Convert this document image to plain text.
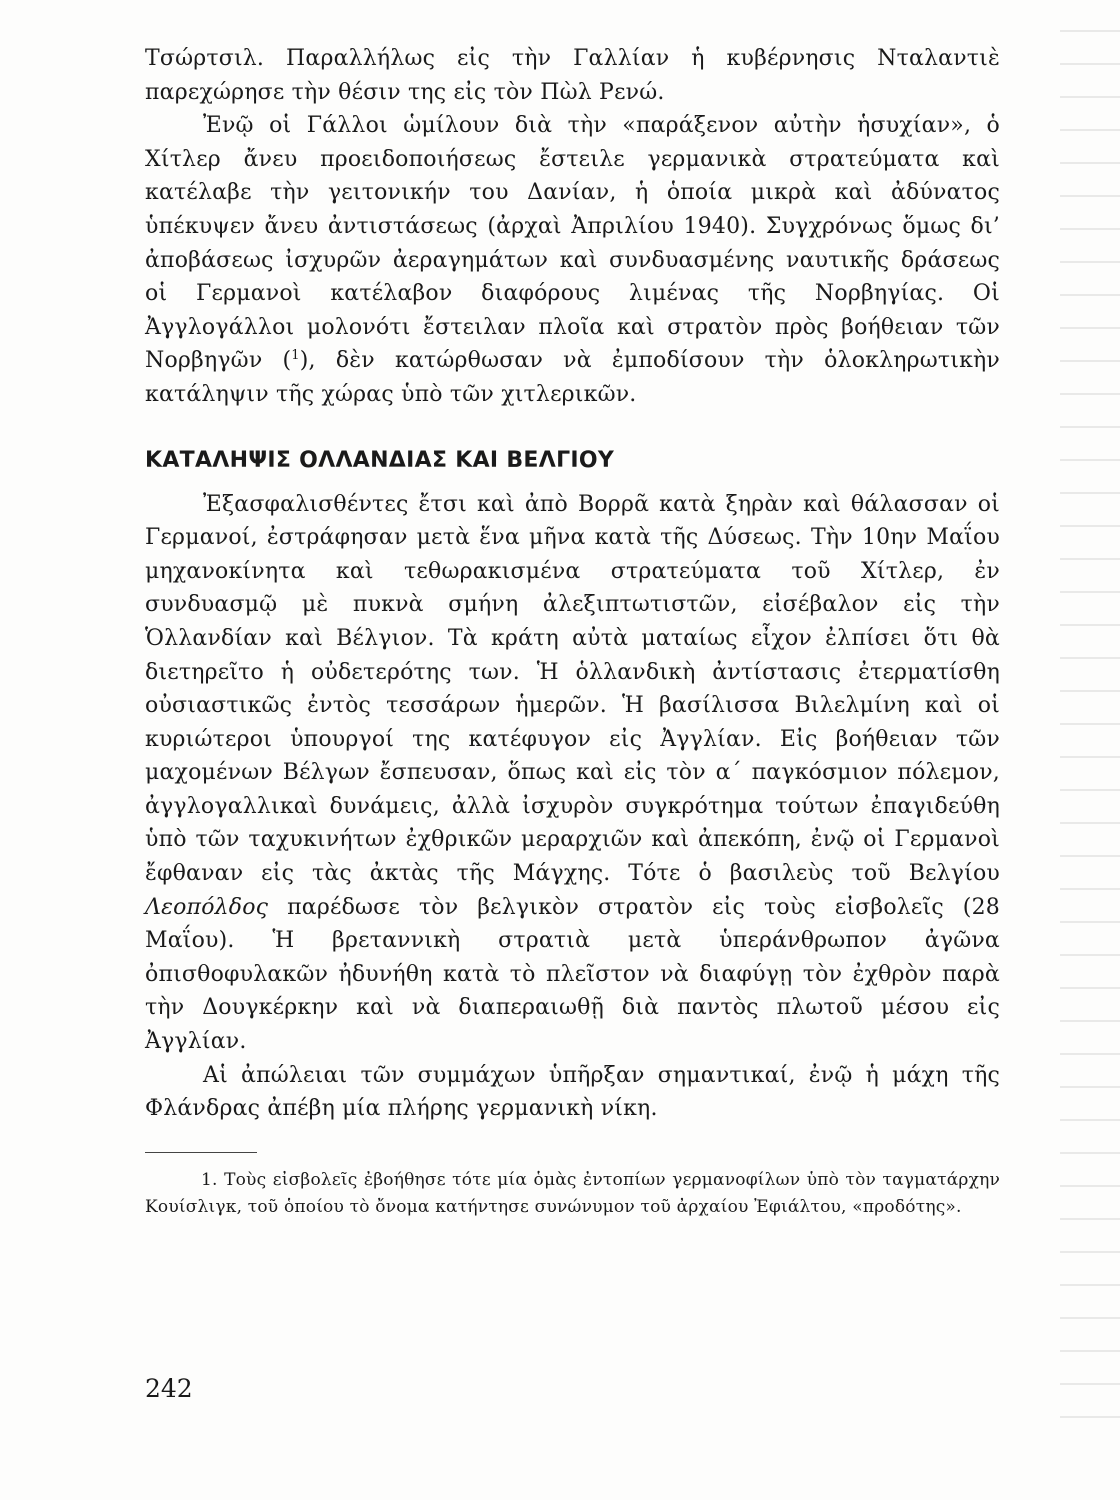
Τσώρτσιλ. Παραλλήλως εἰς τὴν Γαλλίαν ἡ κυβέρνησις Νταλαντιὲ παρεχώρησε τὴν θέσιν της εἰς τὸν Πὼλ Ρενώ.

Ἐνῷ οἱ Γάλλοι ὡμίλουν διὰ τὴν «παράξενον αὐτὴν ἡσυχίαν», ὁ Χίτλερ ἄνευ προειδοποιήσεως ἔστειλε γερμανικὰ στρατεύματα καὶ κατέλαβε τὴν γειτονικήν του Δανίαν, ἡ ὁποία μικρὰ καὶ ἀδύνατος ὑπέκυψεν ἄνευ ἀντιστάσεως (ἀρχαὶ Ἀπριλίου 1940). Συγχρόνως ὅμως δι’ ἀποβάσεως ἰσχυρῶν ἀεραγημάτων καὶ συνδυασμένης ναυτικῆς δράσεως οἱ Γερμανοὶ κατέλαβον διαφόρους λιμένας τῆς Νορβηγίας. Οἱ Ἀγγλογάλλοι μολονότι ἔστειλαν πλοῖα καὶ στρατὸν πρὸς βοήθειαν τῶν Νορβηγῶν ($^1$), δὲν κατώρθωσαν νὰ ἐμποδίσουν τὴν ὁλοκληρωτικὴν κατάληψιν τῆς χώρας ὑπὸ τῶν χιτλερικῶν.

ΚΑΤΑΛΗΨΙΣ ΟΛΛΑΝΔΙΑΣ ΚΑΙ ΒΕΛΓΙΟΥ

Ἐξασφαλισθέντες ἔτσι καὶ ἀπὸ Βορρᾶ κατὰ ξηρὰν καὶ θάλασσαν οἱ Γερμανοί, ἐστράφησαν μετὰ ἕνα μῆνα κατὰ τῆς Δύσεως. Τὴν 10ην Μαΐου μηχανοκίνητα καὶ τεθωρακισμένα στρατεύματα τοῦ Χίτλερ, ἐν συνδυασμῷ μὲ πυκνὰ σμήνη ἀλεξιπτωτιστῶν, εἰσέβαλον εἰς τὴν Ὁλλανδίαν καὶ Βέλγιον. Τὰ κράτη αὐτὰ ματαίως εἶχον ἐλπίσει ὅτι θὰ διετηρεῖτο ἡ οὐδετερότης των. Ἡ ὁλλανδικὴ ἀντίστασις ἐτερματίσθη οὐσιαστικῶς ἐντὸς τεσσάρων ἡμερῶν. Ἡ βασίλισσα Βιλελμίνη καὶ οἱ κυριώτεροι ὑπουργοί της κατέφυγον εἰς Ἀγγλίαν. Εἰς βοήθειαν τῶν μαχομένων Βέλγων ἔσπευσαν, ὅπως καὶ εἰς τὸν α΄ παγκόσμιον πόλεμον, ἀγγλογαλλικαὶ δυνάμεις, ἀλλὰ ἰσχυρὸν συγκρότημα τούτων ἐπαγιδεύθη ὑπὸ τῶν ταχυκινήτων ἐχθρικῶν μεραρχιῶν καὶ ἀπεκόπη, ἐνῷ οἱ Γερμανοὶ ἔφθαναν εἰς τὰς ἀκτὰς τῆς Μάγχης. Τότε ὁ βασιλεὺς τοῦ Βελγίου Λεοπόλδος παρέδωσε τὸν βελγικὸν στρατὸν εἰς τοὺς εἰσβολεῖς (28 Μαΐου). Ἡ βρεταννικὴ στρατιὰ μετὰ ὑπεράνθρωπον ἀγῶνα ὀπισθοφυλακῶν ἠδυνήθη κατὰ τὸ πλεῖστον νὰ διαφύγῃ τὸν ἐχθρὸν παρὰ τὴν Δουγκέρκην καὶ νὰ διαπεραιωθῇ διὰ παντὸς πλωτοῦ μέσου εἰς Ἀγγλίαν.

Αἱ ἀπώλειαι τῶν συμμάχων ὑπῆρξαν σημαντικαί, ἐνῷ ἡ μάχη τῆς Φλάνδρας ἀπέβη μία πλήρης γερμανικὴ νίκη.

1. Τοὺς εἰσβολεῖς ἐβοήθησε τότε μία ὁμὰς ἐντοπίων γερμανοφίλων ὑπὸ τὸν ταγματάρχην Κουίσλιγκ, τοῦ ὁποίου τὸ ὄνομα κατήντησε συνώνυμον τοῦ ἀρχαίου Ἐφιάλτου, «προδότης».

242
